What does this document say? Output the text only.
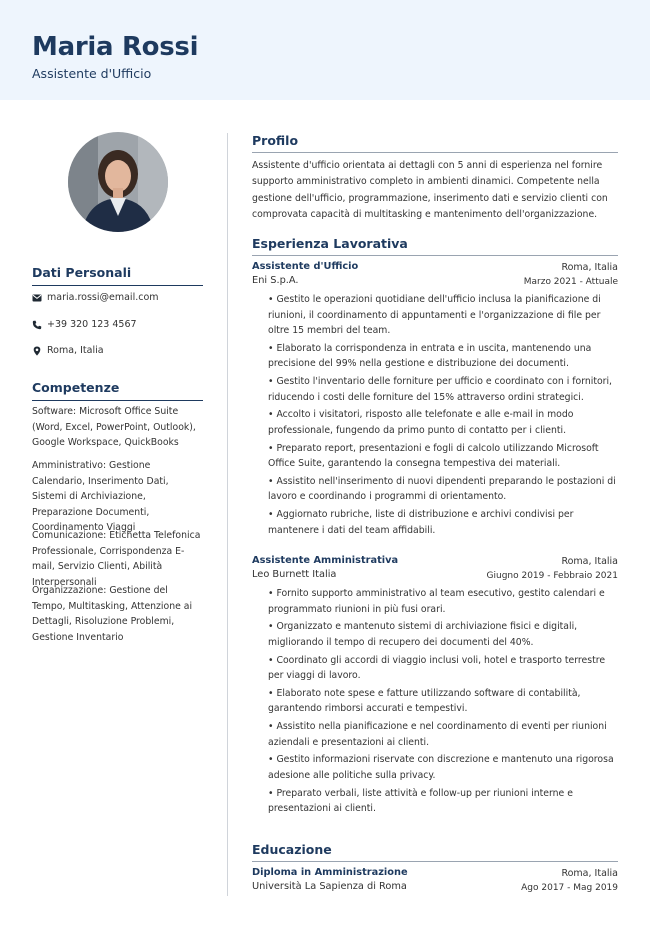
Maria Rossi
Assistente d'Ufficio
Dati Personali
maria.rossi@email.com
+39 320 123 4567
Roma, Italia
Competenze
Software: Microsoft Office Suite (Word, Excel, PowerPoint, Outlook), Google Workspace, QuickBooks
Amministrativo: Gestione Calendario, Inserimento Dati, Sistemi di Archiviazione, Preparazione Documenti, Coordinamento Viaggi
Comunicazione: Etichetta Telefonica Professionale, Corrispondenza E-mail, Servizio Clienti, Abilità Interpersonali
Organizzazione: Gestione del Tempo, Multitasking, Attenzione ai Dettagli, Risoluzione Problemi, Gestione Inventario
Profilo
Assistente d'ufficio orientata ai dettagli con 5 anni di esperienza nel fornire supporto amministrativo completo in ambienti dinamici. Competente nella gestione dell'ufficio, programmazione, inserimento dati e servizio clienti con comprovata capacità di multitasking e mantenimento dell'organizzazione.
Esperienza Lavorativa
Assistente d'Ufficio	Roma, Italia
Eni S.p.A.	Marzo 2021 - Attuale
• Gestito le operazioni quotidiane dell'ufficio inclusa la pianificazione di riunioni, il coordinamento di appuntamenti e l'organizzazione di file per oltre 15 membri del team.
• Elaborato la corrispondenza in entrata e in uscita, mantenendo una precisione del 99% nella gestione e distribuzione dei documenti.
• Gestito l'inventario delle forniture per ufficio e coordinato con i fornitori, riducendo i costi delle forniture del 15% attraverso ordini strategici.
• Accolto i visitatori, risposto alle telefonate e alle e-mail in modo professionale, fungendo da primo punto di contatto per i clienti.
• Preparato report, presentazioni e fogli di calcolo utilizzando Microsoft Office Suite, garantendo la consegna tempestiva dei materiali.
• Assistito nell'inserimento di nuovi dipendenti preparando le postazioni di lavoro e coordinando i programmi di orientamento.
• Aggiornato rubriche, liste di distribuzione e archivi condivisi per mantenere i dati del team affidabili.
Assistente Amministrativa	Roma, Italia
Leo Burnett Italia	Giugno 2019 - Febbraio 2021
• Fornito supporto amministrativo al team esecutivo, gestito calendari e programmato riunioni in più fusi orari.
• Organizzato e mantenuto sistemi di archiviazione fisici e digitali, migliorando il tempo di recupero dei documenti del 40%.
• Coordinato gli accordi di viaggio inclusi voli, hotel e trasporto terrestre per viaggi di lavoro.
• Elaborato note spese e fatture utilizzando software di contabilità, garantendo rimborsi accurati e tempestivi.
• Assistito nella pianificazione e nel coordinamento di eventi per riunioni aziendali e presentazioni ai clienti.
• Gestito informazioni riservate con discrezione e mantenuto una rigorosa adesione alle politiche sulla privacy.
• Preparato verbali, liste attività e follow-up per riunioni interne e presentazioni ai clienti.
Educazione
Diploma in Amministrazione	Roma, Italia
Università La Sapienza di Roma	Ago 2017 - Mag 2019
